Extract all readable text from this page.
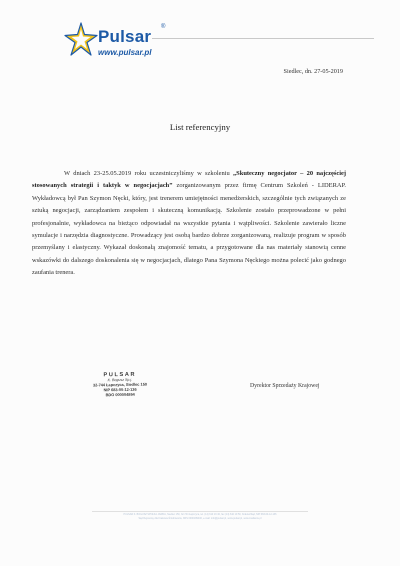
Pulsar ®
www.pulsar.pl
Siedlec, dn. 27-05-2019
List referencyjny

W dniach 23-25.05.2019 roku uczestniczyliśmy w szkoleniu „Skuteczny negocjator – 20 najczęściej stosowanych strategii i taktyk w negocjacjach” zorganizowanym przez firmę Centrum Szkoleń - LIDERAP. Wykładowcą był Pan Szymon Nęcki, który, jest trenerem umiejętności menedżerskich, szczególnie tych związanych ze sztuką negocjacji, zarządzaniem zespołem i skuteczną komunikacją. Szkolenie zostało przeprowadzone w pełni profesjonalnie, wykładowca na bieżąco odpowiadał na wszystkie pytania i wątpliwości. Szkolenie zawierało liczne symulacje i narzędzia diagnostyczne. Prowadzący jest osobą bardzo dobrze zorganizowaną, realizuje program w sposób przemyślany i elastyczny. Wykazał doskonałą znajomość tematu, a przygotowane dla nas materiały stanowią cenne wskazówki do dalszego doskonalenia się w negocjacjach, dlatego Pana Szymona Nęckiego można polecić jako godnego zaufania trenera.

PULSAR
K. Bogusz Sp.j.
32-744 Łapczyca, Siedlec 150
NIP 683-00-12-136
BDO 000004894
Dyrektor Sprzedaży Krajowej
PULSAR K. BOGUSZ SPÓŁKA JAWNA, Siedlec 150, 32-744 Łapczyca, tel. (14) 610 19 40, fax (14) 610 19 50, Kraków/Sąd, NIP 683-00-12-136
Sąd Rejonowy dla Krakowa-Śródmieścia, KRS 0000189446, e-mail: info@pulsar.pl, www.pulsar.pl, www.zasilacze.pl
